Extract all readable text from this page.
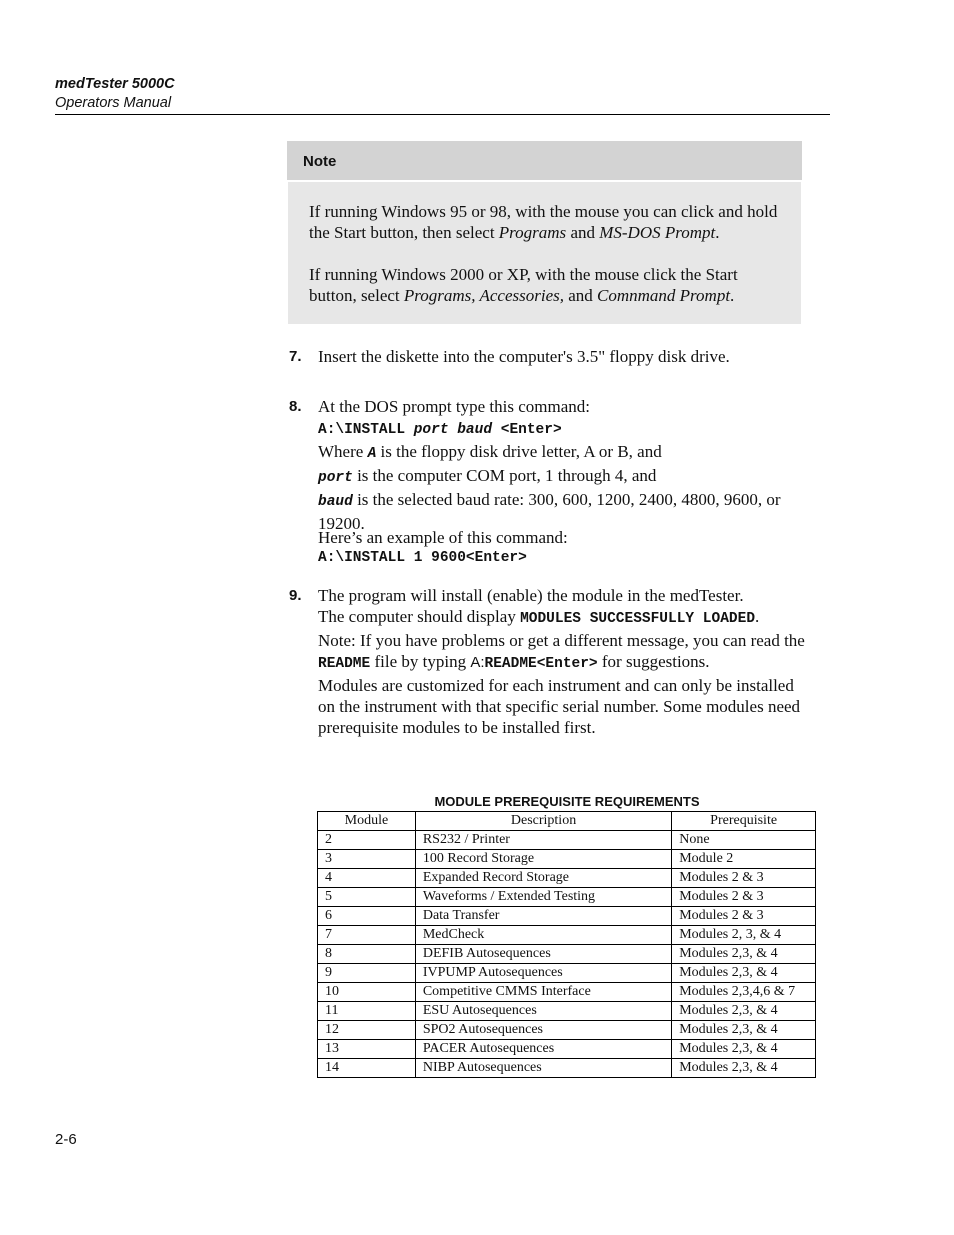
medTester 5000C
Operators Manual
Note

If running Windows 95 or 98, with the mouse you can click and hold the Start button, then select Programs and MS-DOS Prompt.

If running Windows 2000 or XP, with the mouse click the Start button, select Programs, Accessories, and Comnmand Prompt.

7. Insert the diskette into the computer's 3.5" floppy disk drive.

8. At the DOS prompt type this command:
A:\INSTALL port baud <Enter>
Where A is the floppy disk drive letter, A or B, and
port is the computer COM port, 1 through 4, and
baud is the selected baud rate: 300, 600, 1200, 2400, 4800, 9600, or 19200.
Here’s an example of this command:
A:\INSTALL 1 9600<Enter>
9. The program will install (enable) the module in the medTester.
The computer should display MODULES SUCCESSFULLY LOADED.
Note: If you have problems or get a different message, you can read the README file by typing A:README<Enter> for suggestions.
Modules are customized for each instrument and can only be installed on the instrument with that specific serial number. Some modules need prerequisite modules to be installed first.
MODULE PREREQUISITE REQUIREMENTS
Module	Description	Prerequisite
2	RS232 / Printer	None
3	100 Record Storage	Module 2
4	Expanded Record Storage	Modules 2 & 3
5	Waveforms / Extended Testing	Modules 2 & 3
6	Data Transfer	Modules 2 & 3
7	MedCheck	Modules 2, 3, & 4
8	DEFIB Autosequences	Modules 2,3, & 4
9	IVPUMP Autosequences	Modules 2,3, & 4
10	Competitive CMMS Interface	Modules 2,3,4,6 & 7
11	ESU Autosequences	Modules 2,3, & 4
12	SPO2 Autosequences	Modules 2,3, & 4
13	PACER Autosequences	Modules 2,3, & 4
14	NIBP Autosequences	Modules 2,3, & 4
2-6
